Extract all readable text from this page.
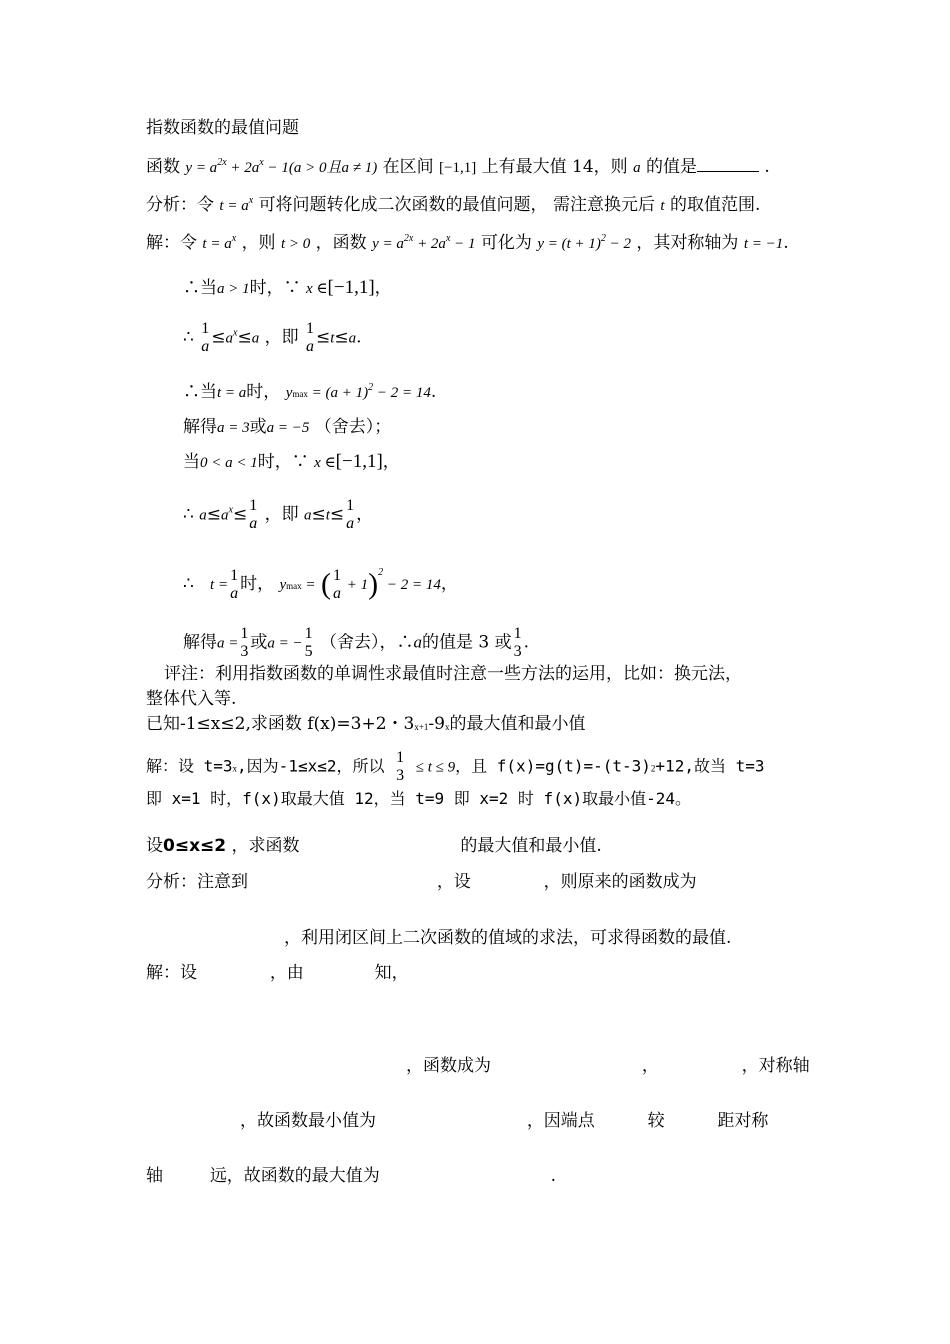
指数函数的最值问题
函数 $y = a^{2x} + 2a^x - 1(a > 0$且a ≠ 1) 在区间 [−1,1] 上有最大值 14，则 a 的值是	.
分析：令 $t = a^x$ 可将问题转化成二次函数的最值问题， 需注意换元后 t 的取值范围.
解：令 $t = a^x$ ，则 t > 0 ，函数 $y = a^{2x} + 2a^x - 1$ 可化为 $y = (t + 1)^2 - 2$ ，其对称轴为 t = −1.
∴当a > 1时，∵ x ∈[−1,1]，
∴ 1
$a \le a^x\le a$ ，即 1
a ≤t≤a.
∴当t = a时， $ymax = (a + 1)^2 - 2 = 14$.
解得a = 3或a = −5 （舍去）；
当0 < a < 1时，∵ x ∈[−1,1]，
∴ $a\le a^x\le 1$
a ，即 a≤t≤ 1
a ，
∴ t =
1
a 时， ymax = ( 1
a + 1)$^2$ − 2 = 14，
解得a =
1
3 或a = −
1
5 （舍去），∴a的值是 3 或 1
3 .
评注：利用指数函数的单调性求最值时注意一些方法的运用，比如：换元法，
整体代入等.
已知-1≤x≤2,求函数 f(x)=3+2・3x+1-9x的最大值和最小值
解：设 t=3x,因为-1≤x≤2，所以 1
3 ≤ t ≤ 9，且 f(x)=g(t)=-(t-3)2+12,故当 t=3
即 x=1 时，f(x)取最大值 12，当 t=9 即 x=2 时 f(x)取最小值-24。
设0≤x≤2 ，求函数	的最大值和最小值.
分析：注意到	，设	，则原来的函数成为
，利用闭区间上二次函数的值域的求法，可求得函数的最值.
解：设	，由	知，
，函数成为	，	，对称轴
，故函数最小值为	，因端点	较	距对称
轴	远，故函数的最大值为	.
